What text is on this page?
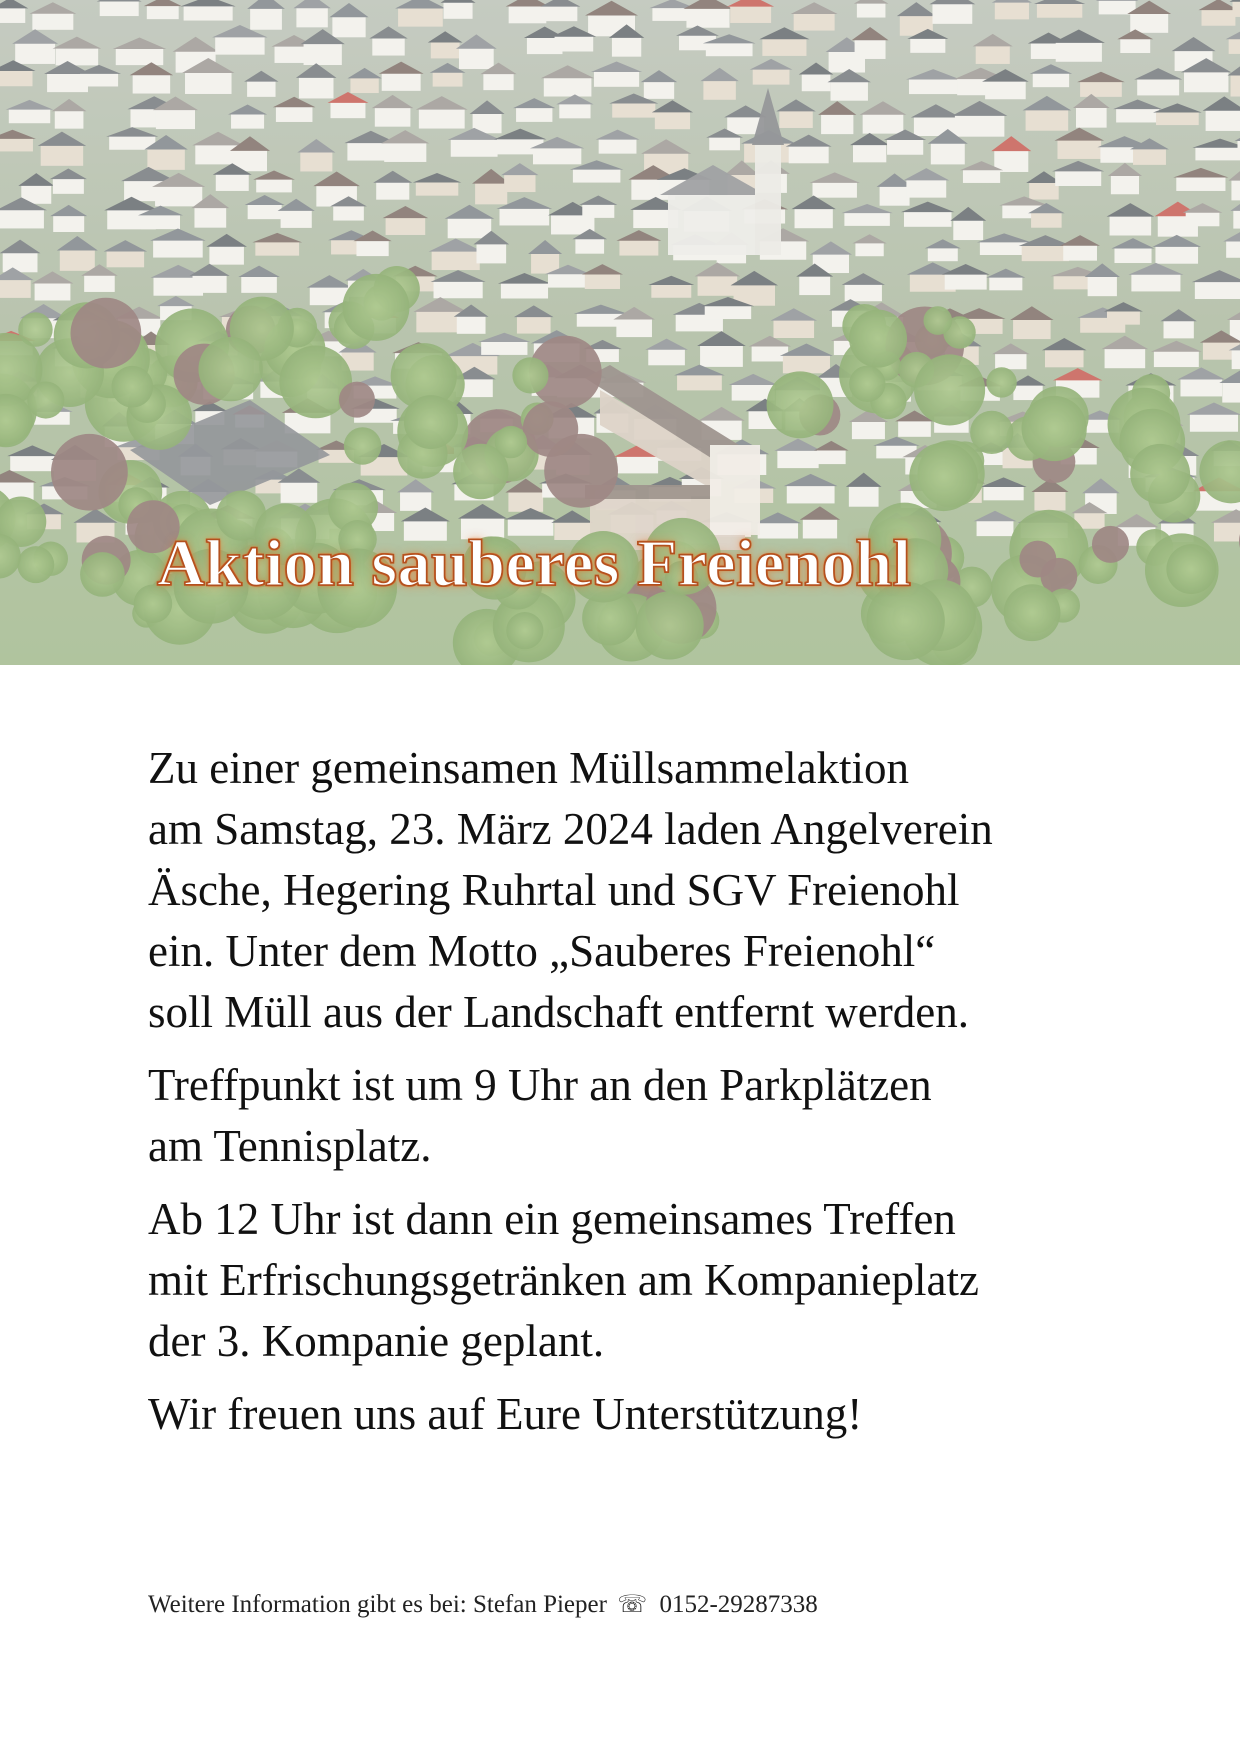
Aktion sauberes Freienohl

Zu einer gemeinsamen Müllsammelaktion
am Samstag, 23. März 2024 laden Angelverein
Äsche, Hegering Ruhrtal und SGV Freienohl
ein. Unter dem Motto „Sauberes Freienohl“
soll Müll aus der Landschaft entfernt werden.

Treffpunkt ist um 9 Uhr an den Parkplätzen
am Tennisplatz.

Ab 12 Uhr ist dann ein gemeinsames Treffen
mit Erfrischungsgetränken am Kompanieplatz
der 3. Kompanie geplant.

Wir freuen uns auf Eure Unterstützung!

Weitere Information gibt es bei: Stefan Pieper ☏ 0152-29287338
